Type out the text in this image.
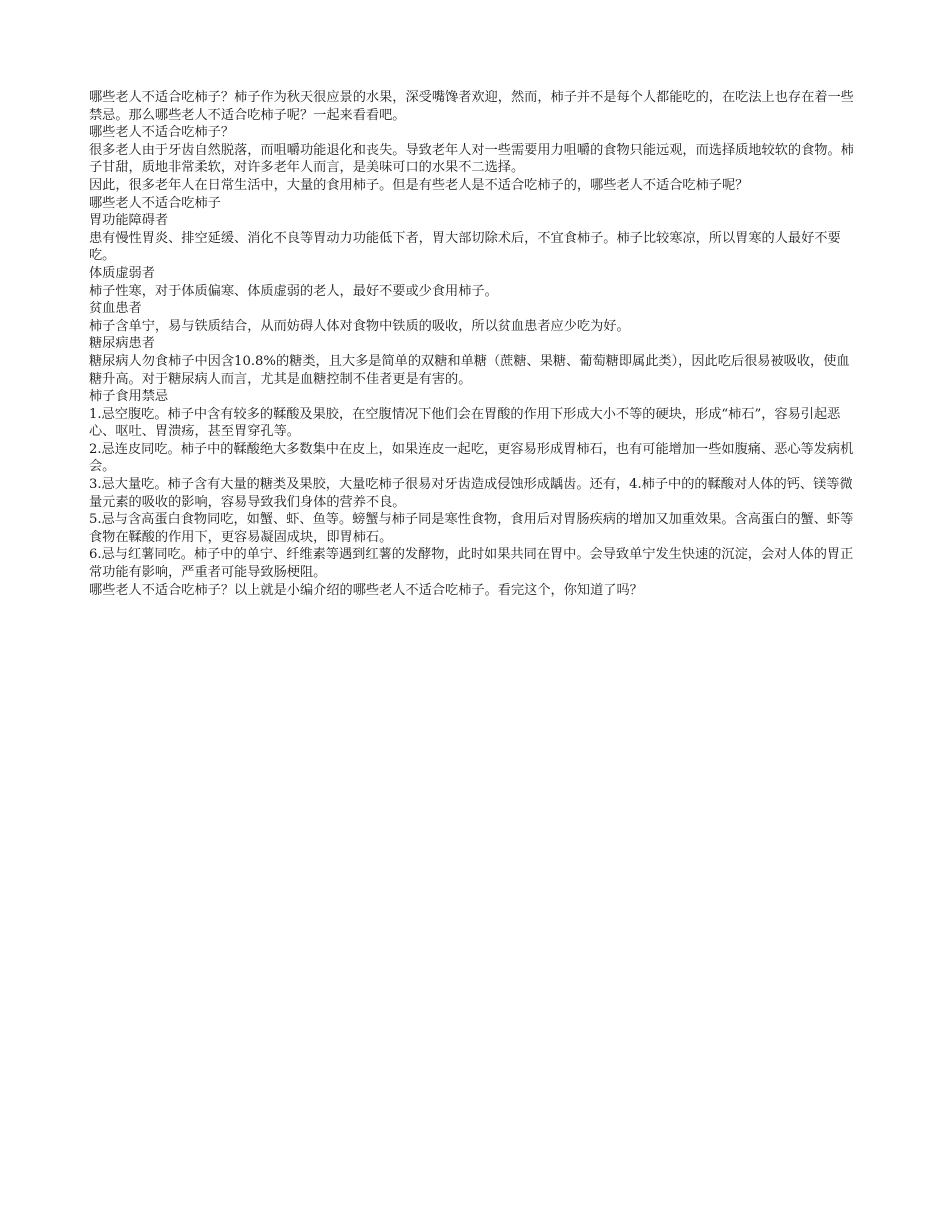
哪些老人不适合吃柿子？柿子作为秋天很应景的水果，深受嘴馋者欢迎，然而，柿子并不是每个人都能吃的，在吃法上也存在着一些禁忌。那么哪些老人不适合吃柿子呢？一起来看看吧。
哪些老人不适合吃柿子？
很多老人由于牙齿自然脱落，而咀嚼功能退化和丧失。导致老年人对一些需要用力咀嚼的食物只能远观，而选择质地较软的食物。柿子甘甜，质地非常柔软，对许多老年人而言，是美味可口的水果不二选择。
因此，很多老年人在日常生活中，大量的食用柿子。但是有些老人是不适合吃柿子的，哪些老人不适合吃柿子呢？
哪些老人不适合吃柿子
胃功能障碍者
患有慢性胃炎、排空延缓、消化不良等胃动力功能低下者，胃大部切除术后，不宜食柿子。柿子比较寒凉，所以胃寒的人最好不要吃。
体质虚弱者
柿子性寒，对于体质偏寒、体质虚弱的老人，最好不要或少食用柿子。
贫血患者
柿子含单宁，易与铁质结合，从而妨碍人体对食物中铁质的吸收，所以贫血患者应少吃为好。
糖尿病患者
糖尿病人勿食柿子中因含10.8%的糖类，且大多是简单的双糖和单糖（蔗糖、果糖、葡萄糖即属此类），因此吃后很易被吸收，使血糖升高。对于糖尿病人而言，尤其是血糖控制不佳者更是有害的。
柿子食用禁忌
1.忌空腹吃。柿子中含有较多的鞣酸及果胶，在空腹情况下他们会在胃酸的作用下形成大小不等的硬块，形成“柿石”，容易引起恶心、呕吐、胃溃疡，甚至胃穿孔等。
2.忌连皮同吃。柿子中的鞣酸绝大多数集中在皮上，如果连皮一起吃，更容易形成胃柿石，也有可能增加一些如腹痛、恶心等发病机会。
3.忌大量吃。柿子含有大量的糖类及果胶，大量吃柿子很易对牙齿造成侵蚀形成龋齿。还有，4.柿子中的的鞣酸对人体的钙、镁等微量元素的吸收的影响，容易导致我们身体的营养不良。
5.忌与含高蛋白食物同吃，如蟹、虾、鱼等。螃蟹与柿子同是寒性食物，食用后对胃肠疾病的增加又加重效果。含高蛋白的蟹、虾等食物在鞣酸的作用下，更容易凝固成块，即胃柿石。
6.忌与红薯同吃。柿子中的单宁、纤维素等遇到红薯的发酵物，此时如果共同在胃中。会导致单宁发生快速的沉淀，会对人体的胃正常功能有影响，严重者可能导致肠梗阻。
哪些老人不适合吃柿子？以上就是小编介绍的哪些老人不适合吃柿子。看完这个，你知道了吗？
